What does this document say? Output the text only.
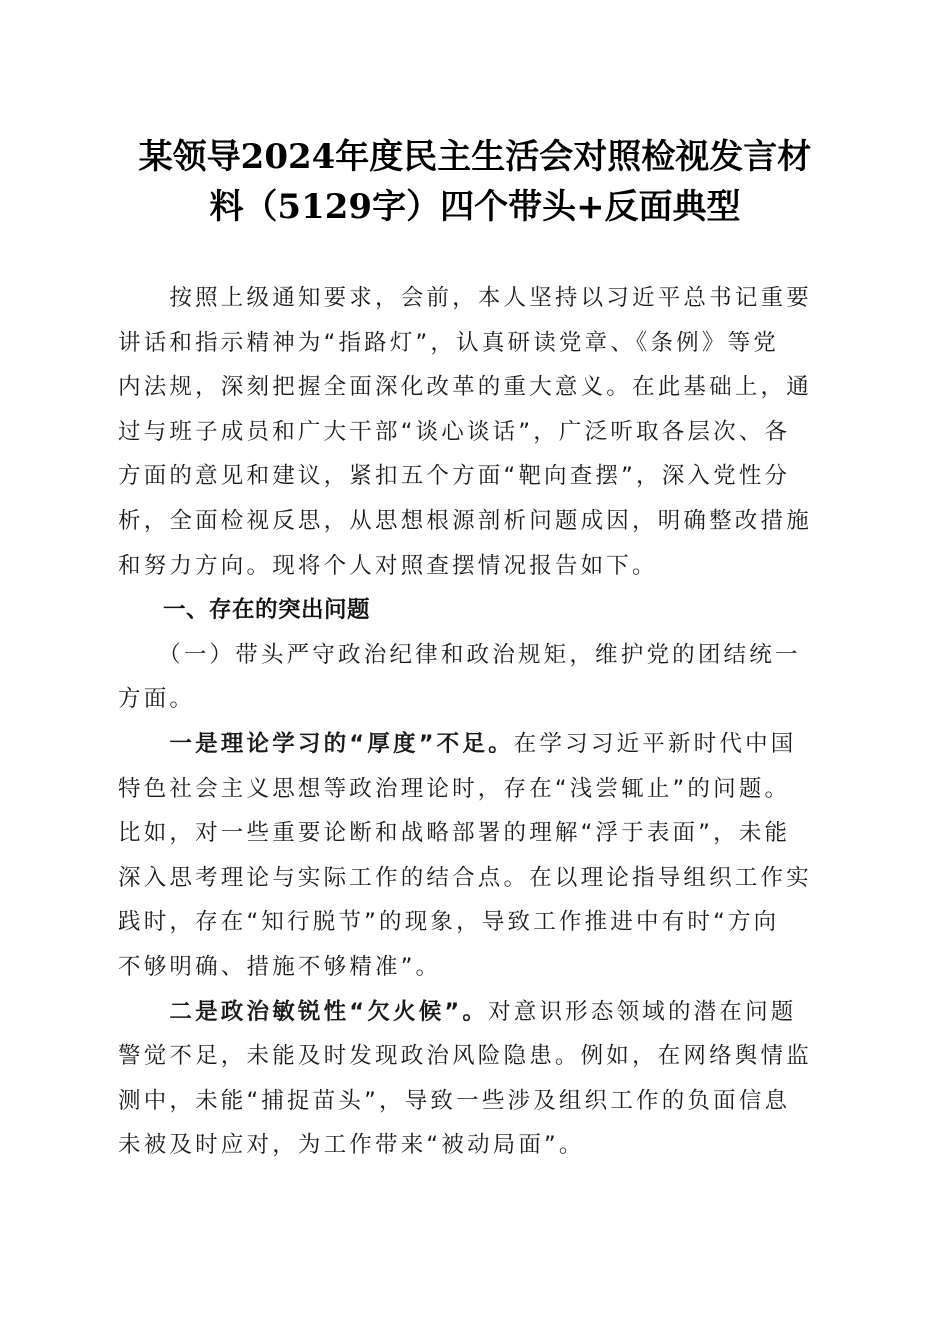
某领导2024年度民主生活会对照检视发言材
料（5129字）四个带头+反面典型
　　按照上级通知要求，会前，本人坚持以习近平总书记重要
讲话和指示精神为“指路灯”，认真研读党章、《条例》等党
内法规，深刻把握全面深化改革的重大意义。在此基础上，通
过与班子成员和广大干部“谈心谈话”，广泛听取各层次、各
方面的意见和建议，紧扣五个方面“靶向查摆”，深入党性分
析，全面检视反思，从思想根源剖析问题成因，明确整改措施
和努力方向。现将个人对照查摆情况报告如下。
一、存在的突出问题
　　（一）带头严守政治纪律和政治规矩，维护党的团结统一
方面。
　　一是理论学习的“厚度”不足。在学习习近平新时代中国
特色社会主义思想等政治理论时，存在“浅尝辄止”的问题。
比如，对一些重要论断和战略部署的理解“浮于表面”，未能
深入思考理论与实际工作的结合点。在以理论指导组织工作实
践时，存在“知行脱节”的现象，导致工作推进中有时“方向
不够明确、措施不够精准”。
　　二是政治敏锐性“欠火候”。对意识形态领域的潜在问题
警觉不足，未能及时发现政治风险隐患。例如，在网络舆情监
测中，未能“捕捉苗头”，导致一些涉及组织工作的负面信息
未被及时应对，为工作带来“被动局面”。
